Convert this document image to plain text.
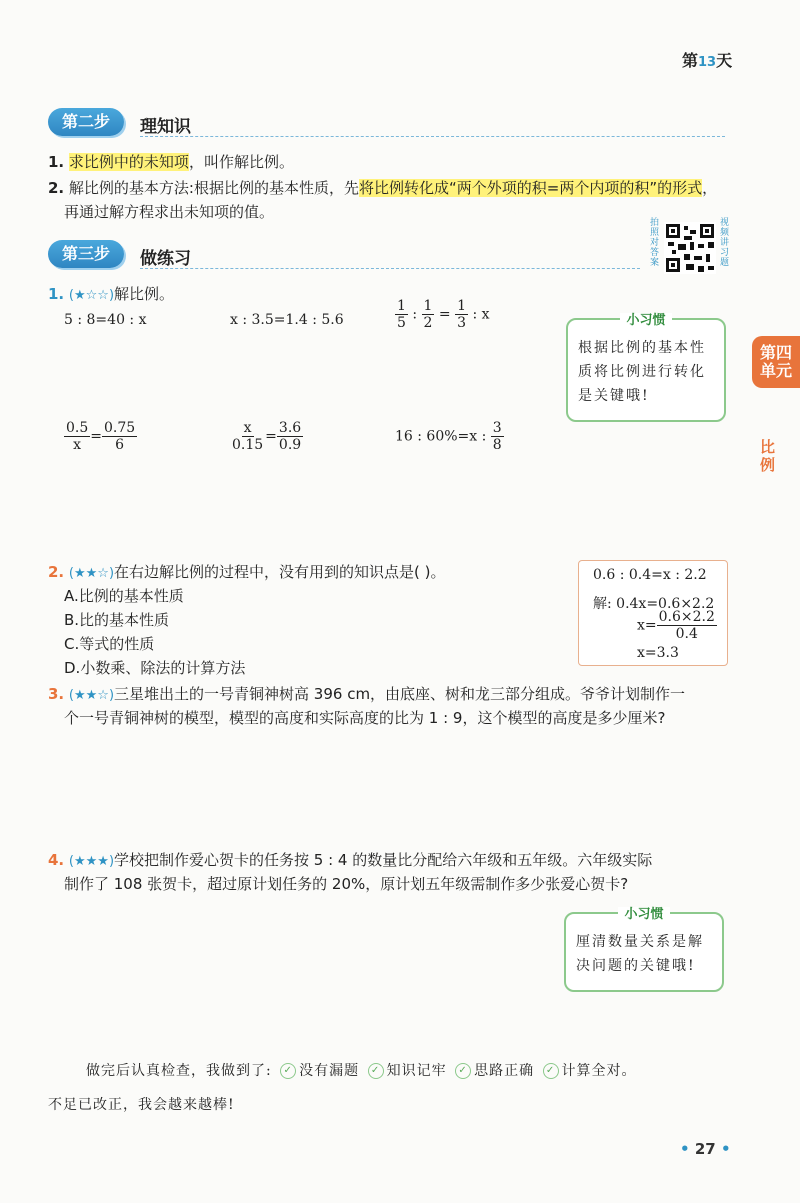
第13天
第二步	理知识
1. 求比例中的未知项，叫作解比例。
2. 解比例的基本方法:根据比例的基本性质，先将比例转化成“两个外项的积=两个内项的积”的形式，
再通过解方程求出未知项的值。
拍照对答案
视频讲习题
第三步	做练习
1. (★☆☆)解比例。
5 : 8=40 : x	x : 3.5=1.4 : 5.6	$\frac{1}{5}$ : $\frac{1}{2} = \frac{1}{3}$ : x
$\frac{0.5}{x} = \frac{0.75}{6}$	$\frac{x}{0.15} = \frac{3.6}{0.9}$	16 : 60%=x : $\frac{3}{8}$
小习惯
根据比例的基本性质将比例进行转化是关键哦!
第四单元
比例
2. (★★☆)在右边解比例的过程中，没有用到的知识点是( )。
A.比例的基本性质
B.比的基本性质
C.等式的性质
D.小数乘、除法的计算方法
0.6 : 0.4=x : 2.2
解: 0.4x=0.6×2.2
$x= \frac{0.6\times 2.2}{0.4}$
x=3.3
3. (★★☆)三星堆出土的一号青铜神树高 396 cm，由底座、树和龙三部分组成。爷爷计划制作一
个一号青铜神树的模型，模型的高度和实际高度的比为 1 : 9，这个模型的高度是多少厘米?
4. (★★★)学校把制作爱心贺卡的任务按 5 : 4 的数量比分配给六年级和五年级。六年级实际
制作了 108 张贺卡，超过原计划任务的 20%，原计划五年级需制作多少张爱心贺卡?
小习惯
厘清数量关系是解决问题的关键哦!
做完后认真检查，我做到了: ✓ 没有漏题 ✓ 知识记牢 ✓ 思路正确 ✓ 计算全对。
不足已改正，我会越来越棒!
• 27 •
